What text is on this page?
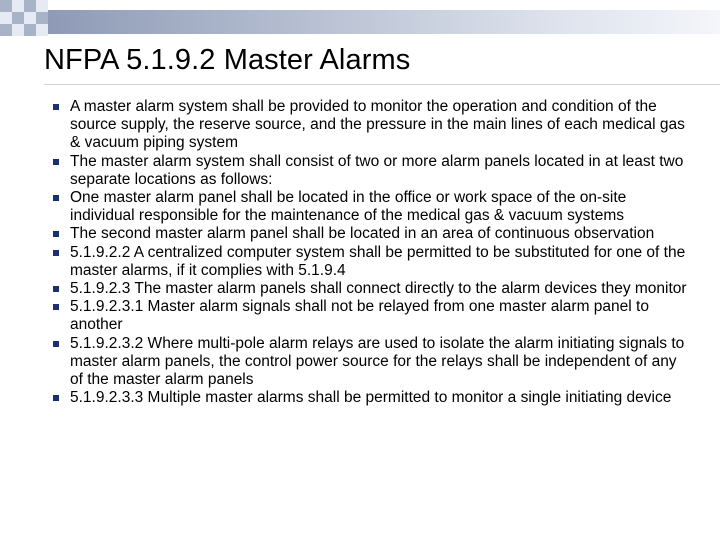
NFPA 5.1.9.2 Master Alarms
A master alarm system shall be provided to monitor the operation and condition of the source supply, the reserve source, and the pressure in the main lines of each medical gas & vacuum piping system
The master alarm system shall consist of two or more alarm panels located in at least two separate locations as follows:
One master alarm panel shall be located in the office or work space of the on-site individual responsible for the maintenance of the medical gas & vacuum systems
The second master alarm panel shall be located in an area of continuous observation
5.1.9.2.2 A centralized computer system shall be permitted to be substituted for one of the master alarms, if it complies with 5.1.9.4
5.1.9.2.3 The master alarm panels shall connect directly to the alarm devices they monitor
5.1.9.2.3.1 Master alarm signals shall not be relayed from one master alarm panel to another
5.1.9.2.3.2 Where multi-pole alarm relays are used to isolate the alarm initiating signals to master alarm panels, the control power source for the relays shall be independent of any of the master alarm panels
5.1.9.2.3.3 Multiple master alarms shall be permitted to monitor a single initiating device
